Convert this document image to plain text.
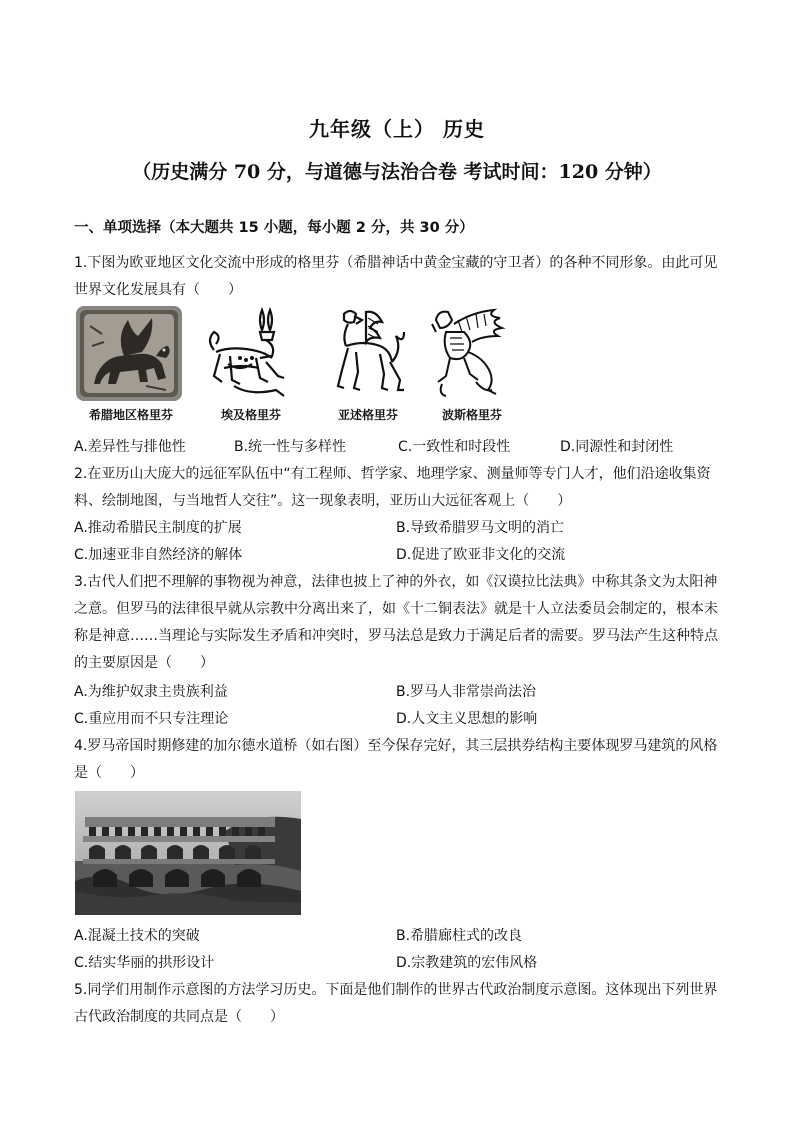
九年级（上） 历史
（历史满分 70 分，与道德与法治合卷 考试时间：120 分钟）
一、单项选择（本大题共 15 小题，每小题 2 分，共 30 分）
1.下图为欧亚地区文化交流中形成的格里芬（希腊神话中黄金宝藏的守卫者）的各种不同形象。由此可见
世界文化发展具有（　　）
希腊地区格里芬	埃及格里芬	亚述格里芬	波斯格里芬
A.差异性与排他性	B.统一性与多样性	C.一致性和时段性	D.同源性和封闭性
2.在亚历山大庞大的远征军队伍中“有工程师、哲学家、地理学家、测量师等专门人才，他们沿途收集资
料、绘制地图，与当地哲人交往”。这一现象表明，亚历山大远征客观上（　　）
A.推动希腊民主制度的扩展	B.导致希腊罗马文明的消亡
C.加速亚非自然经济的解体	D.促进了欧亚非文化的交流
3.古代人们把不理解的事物视为神意，法律也披上了神的外衣，如《汉谟拉比法典》中称其条文为太阳神
之意。但罗马的法律很早就从宗教中分离出来了，如《十二铜表法》就是十人立法委员会制定的，根本未
称是神意……当理论与实际发生矛盾和冲突时，罗马法总是致力于满足后者的需要。罗马法产生这种特点
的主要原因是（　　）
A.为维护奴隶主贵族利益	B.罗马人非常崇尚法治
C.重应用而不只专注理论	D.人文主义思想的影响
4.罗马帝国时期修建的加尔德水道桥（如右图）至今保存完好，其三层拱券结构主要体现罗马建筑的风格
是（　　）
A.混凝土技术的突破	B.希腊廊柱式的改良
C.结实华丽的拱形设计	D.宗教建筑的宏伟风格
5.同学们用制作示意图的方法学习历史。下面是他们制作的世界古代政治制度示意图。这体现出下列世界
古代政治制度的共同点是（　　）
